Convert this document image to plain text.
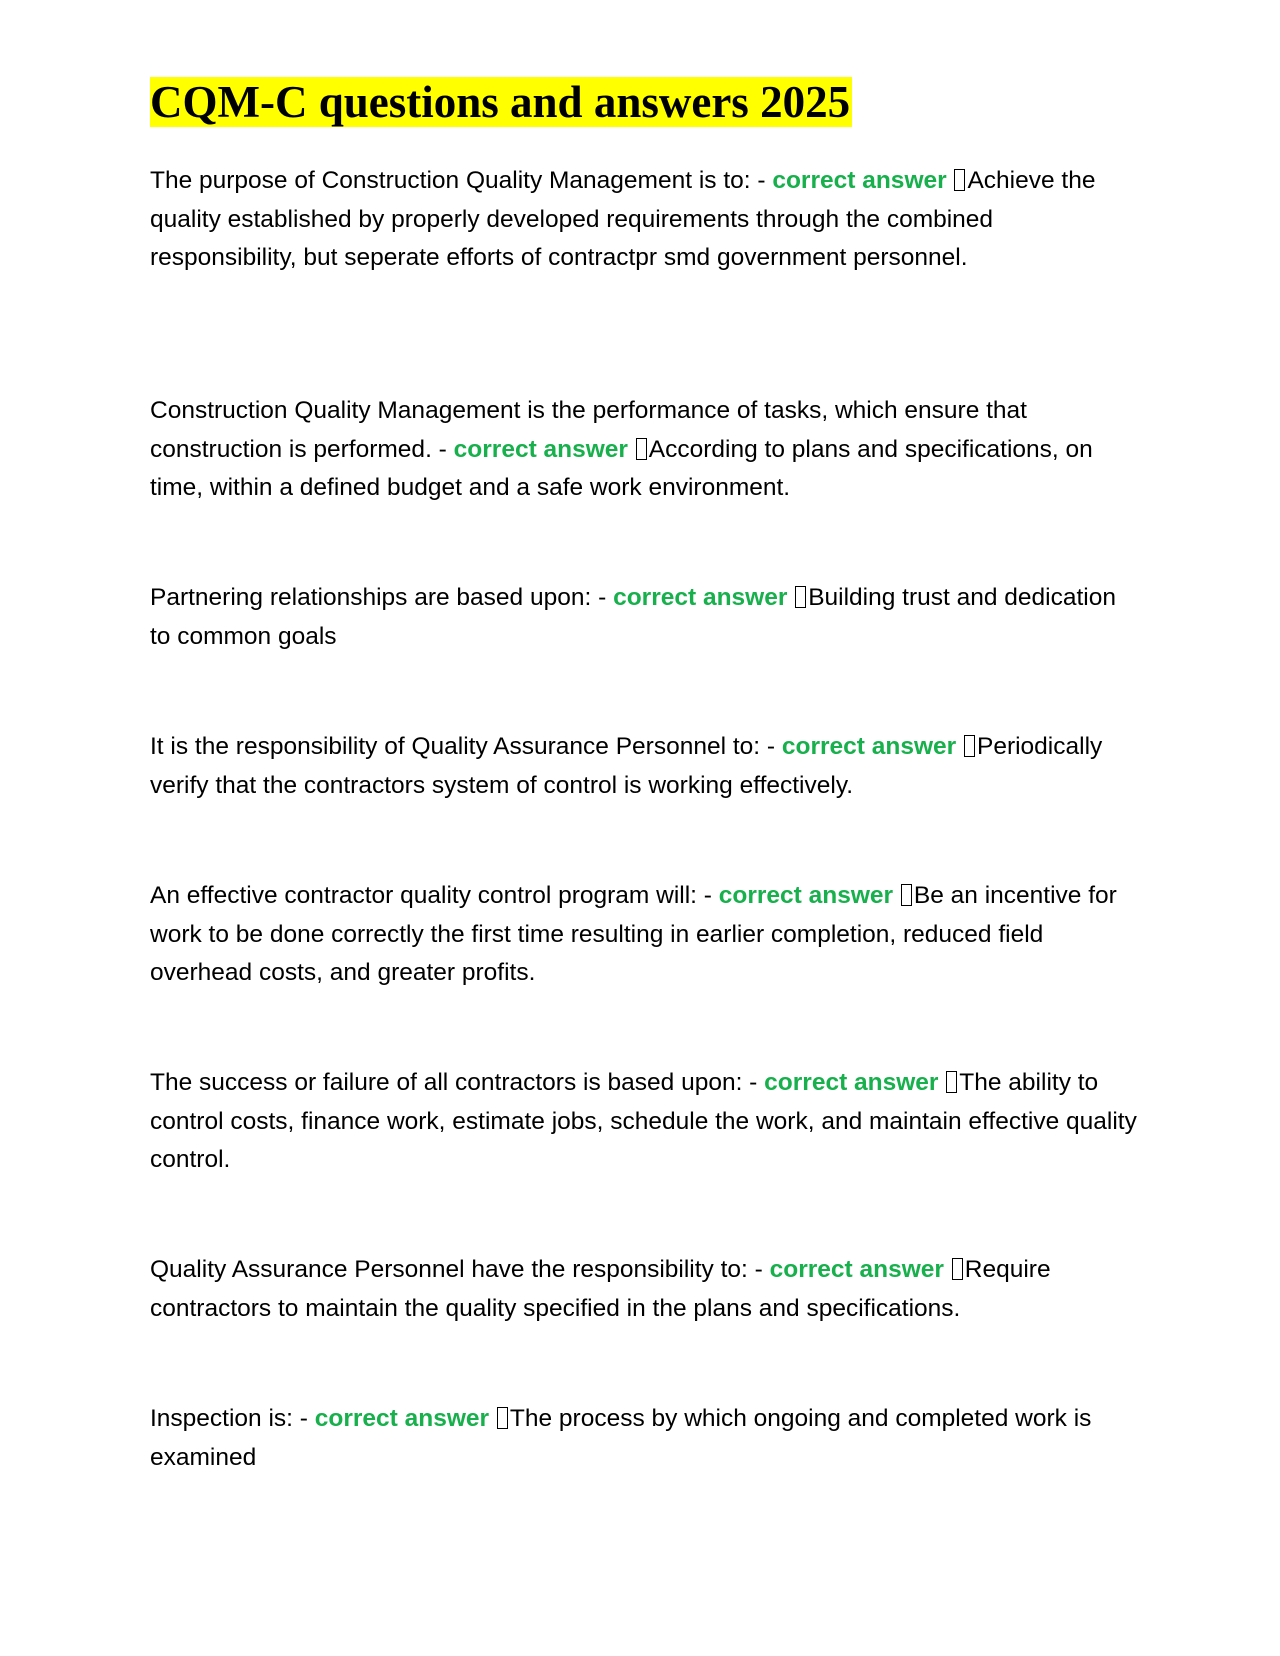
CQM-C questions and answers 2025

The purpose of Construction Quality Management is to: - correct answer Achieve the quality established by properly developed requirements through the combined responsibility, but seperate efforts of contractpr smd government personnel.

Construction Quality Management is the performance of tasks, which ensure that construction is performed. - correct answer According to plans and specifications, on time, within a defined budget and a safe work environment.

Partnering relationships are based upon: - correct answer Building trust and dedication to common goals

It is the responsibility of Quality Assurance Personnel to: - correct answer Periodically verify that the contractors system of control is working effectively.

An effective contractor quality control program will: - correct answer Be an incentive for work to be done correctly the first time resulting in earlier completion, reduced field overhead costs, and greater profits.

The success or failure of all contractors is based upon: - correct answer The ability to control costs, finance work, estimate jobs, schedule the work, and maintain effective quality control.

Quality Assurance Personnel have the responsibility to: - correct answer Require contractors to maintain the quality specified in the plans and specifications.

Inspection is: - correct answer The process by which ongoing and completed work is examined
